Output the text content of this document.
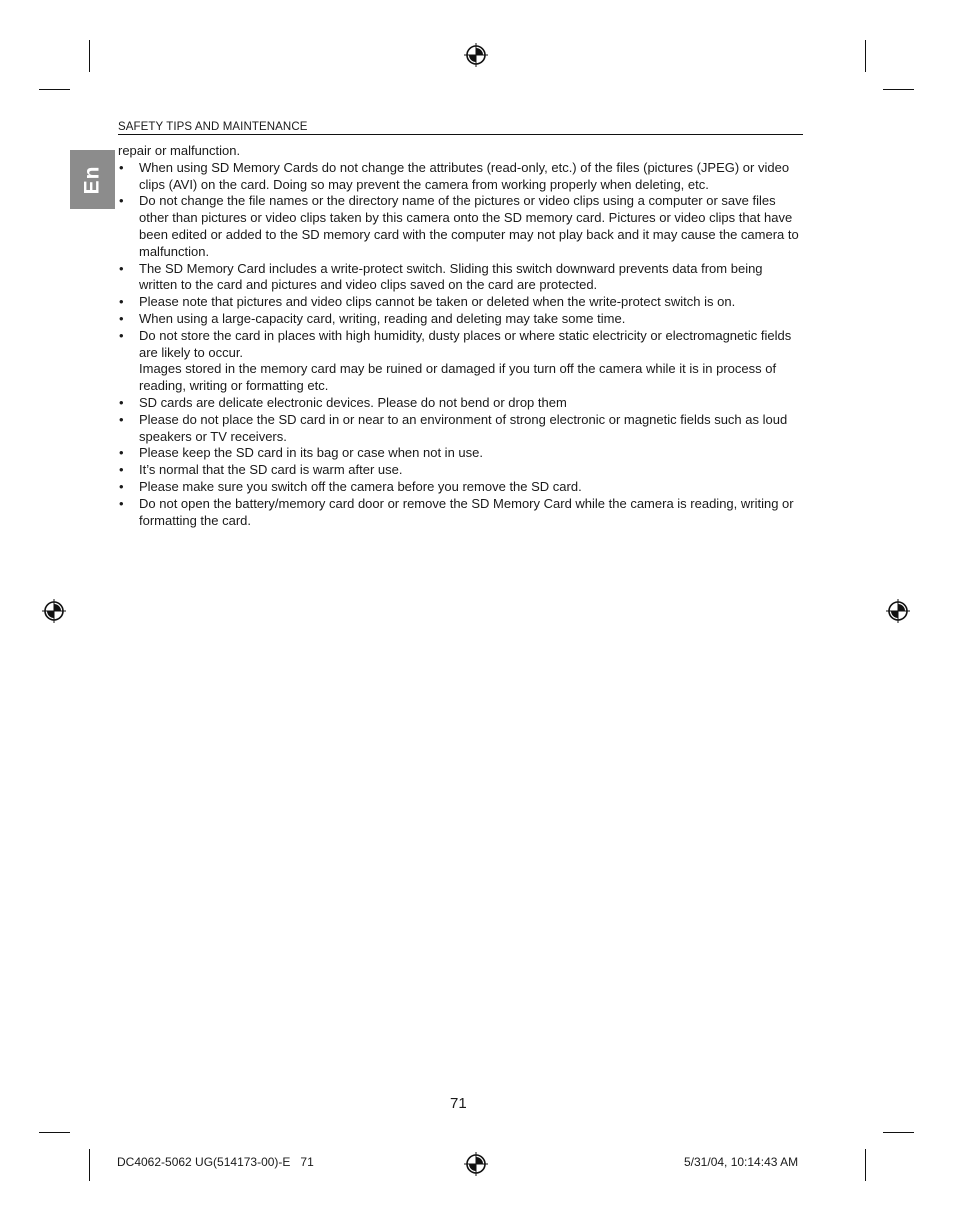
SAFETY TIPS AND MAINTENANCE
En

repair or malfunction.

• When using SD Memory Cards do not change the attributes (read-only, etc.) of the files (pictures (JPEG) or video clips (AVI) on the card. Doing so may prevent the camera from working properly when deleting, etc.
• Do not change the file names or the directory name of the pictures or video clips using a computer or save files other than pictures or video clips taken by this camera onto the SD memory card. Pictures or video clips that have been edited or added to the SD memory card with the computer may not play back and it may cause the camera to malfunction.
• The SD Memory Card includes a write-protect switch. Sliding this switch downward prevents data from being written to the card and pictures and video clips saved on the card are protected.
• Please note that pictures and video clips cannot be taken or deleted when the write-protect switch is on.
• When using a large-capacity card, writing, reading and deleting may take some time.
• Do not store the card in places with high humidity, dusty places or where static electricity or electromagnetic fields are likely to occur.
Images stored in the memory card may be ruined or damaged if you turn off the camera while it is in process of reading, writing or formatting etc.
• SD cards are delicate electronic devices. Please do not bend or drop them
• Please do not place the SD card in or near to an environment of strong electronic or magnetic fields such as loud speakers or TV receivers.
• Please keep the SD card in its bag or case when not in use.
• It’s normal that the SD card is warm after use.
• Please make sure you switch off the camera before you remove the SD card.
• Do not open the battery/memory card door or remove the SD Memory Card while the camera is reading, writing or formatting the card.
71
DC4062-5062 UG(514173-00)-E   71	5/31/04, 10:14:43 AM
